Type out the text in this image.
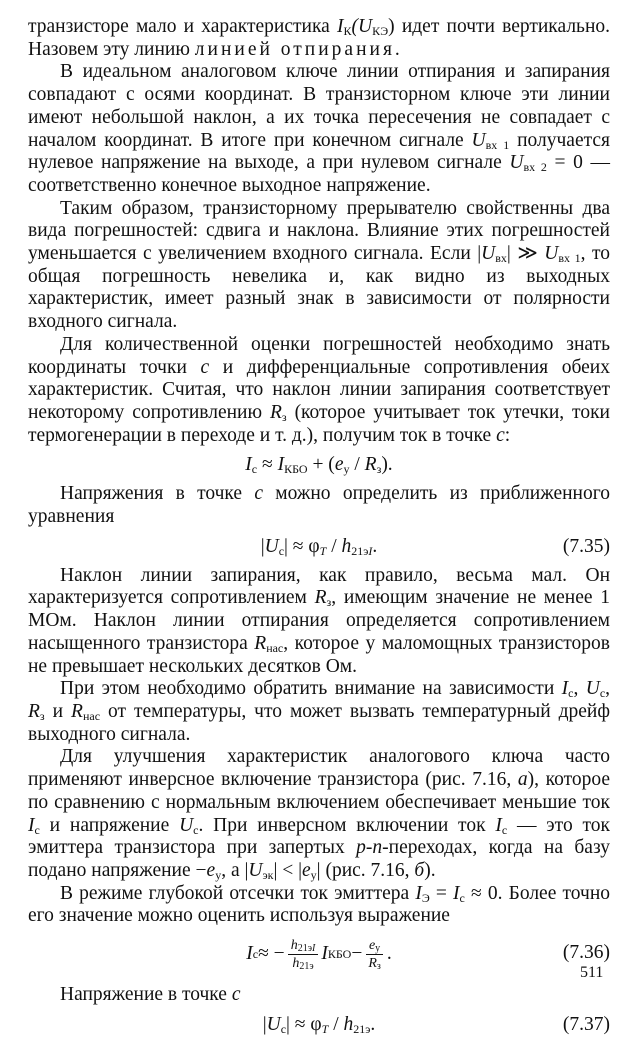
транзисторе мало и характеристика $I_К(U_{КЭ})$ идет почти вертикально. Назовем эту линию линией отпирания.

В идеальном аналоговом ключе линии отпирания и запирания совпадают с осями координат. В транзисторном ключе эти линии имеют небольшой наклон, а их точка пересечения не совпадает с началом координат. В итоге при конечном сигнале $U_{вх 1}$ получается нулевое напряжение на выходе, а при нулевом сигнале $U_{вх 2} = 0$ — соответственно конечное выходное напряжение.

Таким образом, транзисторному прерывателю свойственны два вида погрешностей: сдвига и наклона. Влияние этих погрешностей уменьшается с увеличением входного сигнала. Если $|U_{вх}|$ ≫ $U_{вх 1}$, то общая погрешность невелика и, как видно из выходных характеристик, имеет разный знак в зависимости от полярности входного сигнала.

Для количественной оценки погрешностей необходимо знать координаты точки c и дифференциальные сопротивления обеих характеристик. Считая, что наклон линии запирания соответствует некоторому сопротивлению $R_з$ (которое учитывает ток утечки, токи термогенерации в переходе и т. д.), получим ток в точке c:

$I_c \approx I_{КБО} + (e_у / R_з)$.

Напряжения в точке c можно определить из приближенного уравнения

$|U_c| \approx \varphi_T / h_{21эI}$.	(7.35)

Наклон линии запирания, как правило, весьма мал. Он характеризуется сопротивлением $R_з$, имеющим значение не менее 1 МОм. Наклон линии отпирания определяется сопротивлением насыщенного транзистора $R_{нас}$, которое у маломощных транзисторов не превышает нескольких десятков Ом.

При этом необходимо обратить внимание на зависимости $I_c$, $U_c$, $R_з$ и $R_{нас}$ от температуры, что может вызвать температурный дрейф выходного сигнала.

Для улучшения характеристик аналогового ключа часто применяют инверсное включение транзистора (рис. 7.16, а), которое по сравнению с нормальным включением обеспечивает меньшие ток $I_c$ и напряжение $U_c$. При инверсном включении ток $I_c$ — это ток эмиттера транзистора при запертых p-n-переходах, когда на базу подано напряжение $-e_у$, а $|U_{эк}| < |e_у|$ (рис. 7.16, б).

В режиме глубокой отсечки ток эмиттера $I_Э = I_c \approx 0$. Более точно его значение можно оценить используя выражение

I c ≈ − $\frac{h_{21эI}}{h_{21э}}$ I КБО − $\frac{e_у}{R_з}$ .	(7.36)

Напряжение в точке c

$|U_c| \approx \varphi_T / h_{21э}$.	(7.37)
511
